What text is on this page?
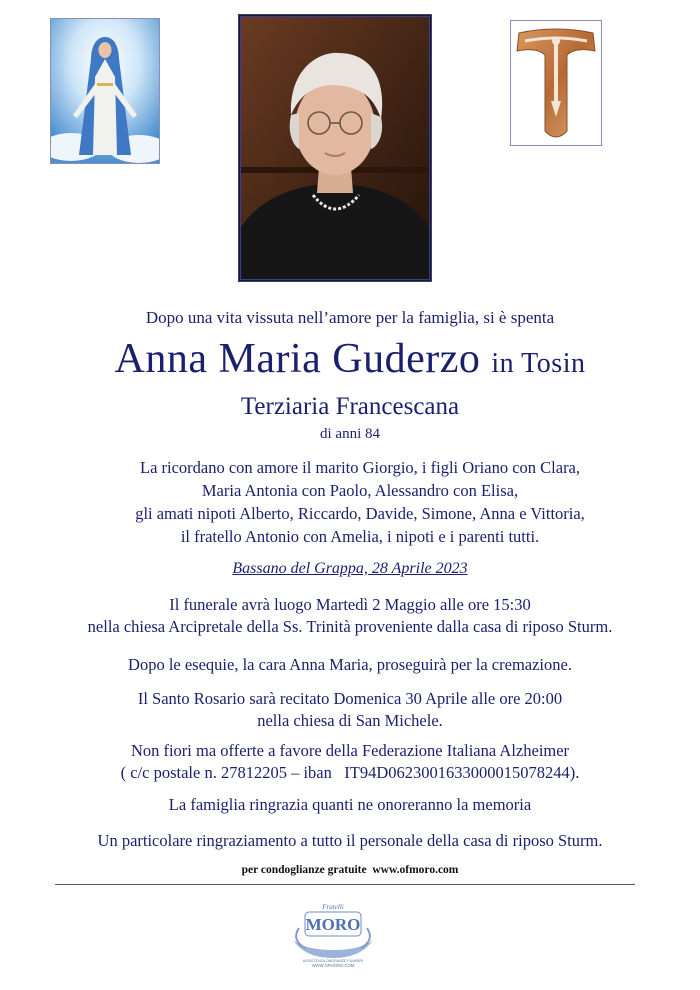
Dopo una vita vissuta nell’amore per la famiglia, si è spenta
Anna Maria Guderzo in Tosin
Terziaria Francescana
di anni 84
La ricordano con amore il marito Giorgio, i figli Oriano con Clara,
Maria Antonia con Paolo, Alessandro con Elisa,
gli amati nipoti Alberto, Riccardo, Davide, Simone, Anna e Vittoria,
il fratello Antonio con Amelia, i nipoti e i parenti tutti.
Bassano del Grappa, 28 Aprile 2023
Il funerale avrà luogo Martedì 2 Maggio alle ore 15:30
nella chiesa Arcipretale della Ss. Trinità proveniente dalla casa di riposo Sturm.
Dopo le esequie, la cara Anna Maria, proseguirà per la cremazione.
Il Santo Rosario sarà recitato Domenica 30 Aprile alle ore 20:00
nella chiesa di San Michele.
Non fiori ma offerte a favore della Federazione Italiana Alzheimer
( c/c postale n. 27812205 – iban   IT94D0623001633000015078244).
La famiglia ringrazia quanti ne onoreranno la memoria
Un particolare ringraziamento a tutto il personale della casa di riposo Sturm.
per condoglianze gratuite  www.ofmoro.com
Fratelli
MORO
ASSISTENZA ONORANZE FUNEBRI
WWW.OFMORO.COM
